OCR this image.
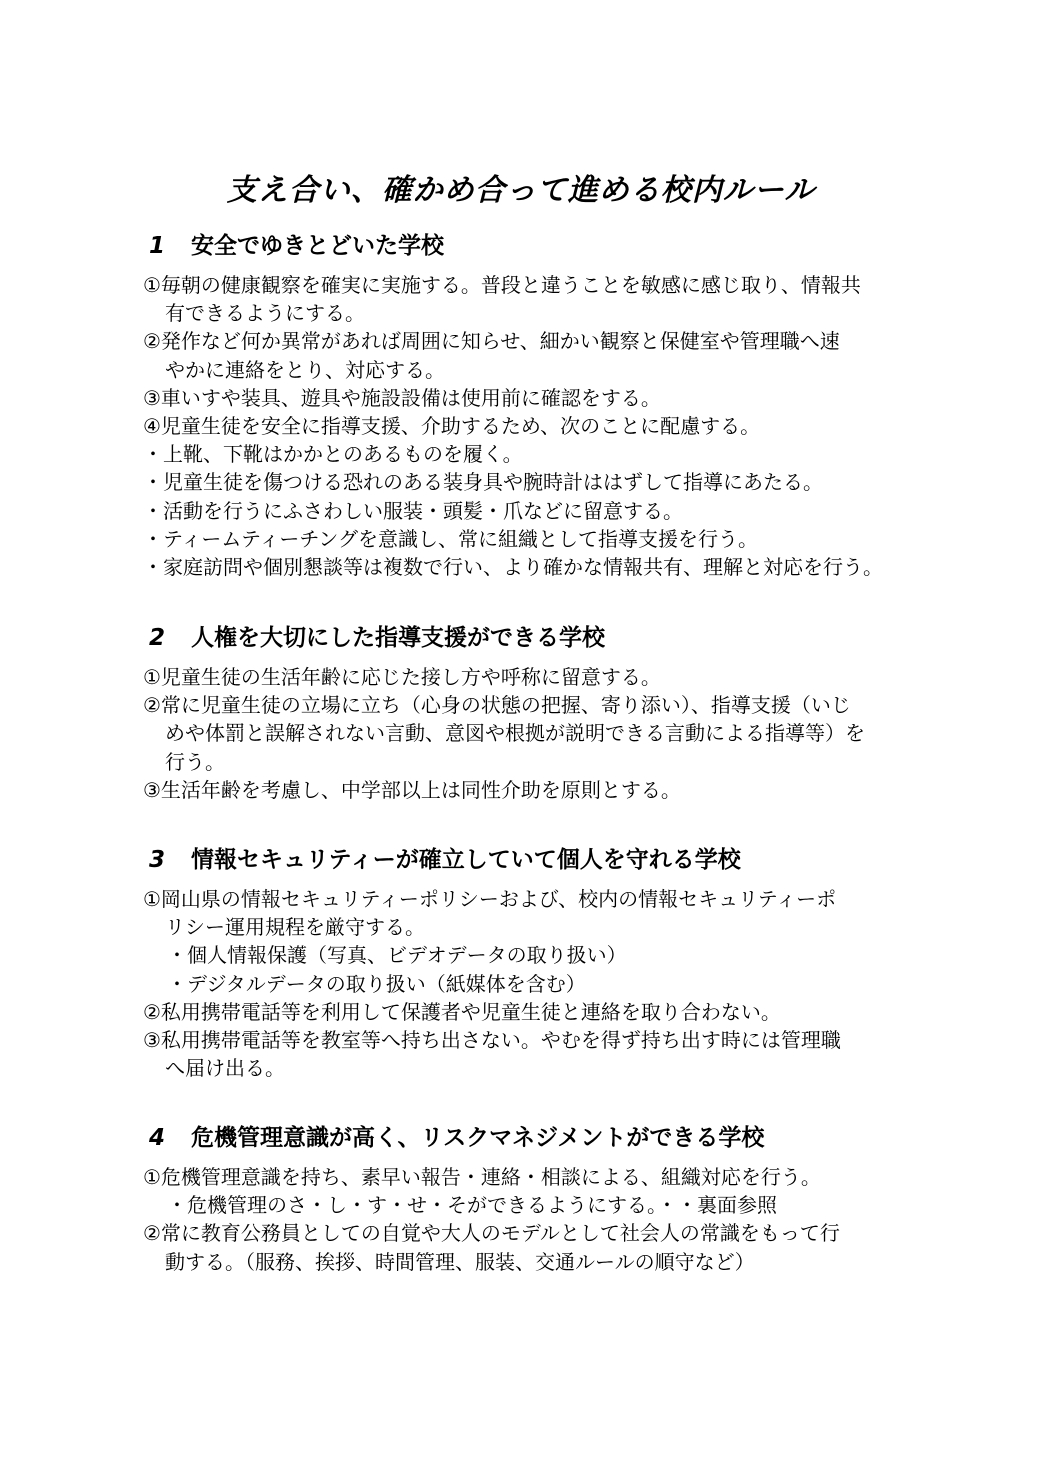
支え合い、確かめ合って進める校内ルール
1 安全でゆきとどいた学校

①毎朝の健康観察を確実に実施する。普段と違うことを敏感に感じ取り、情報共

有できるようにする。

②発作など何か異常があれば周囲に知らせ、細かい観察と保健室や管理職へ速

やかに連絡をとり、対応する。

③車いすや装具、遊具や施設設備は使用前に確認をする。

④児童生徒を安全に指導支援、介助するため、次のことに配慮する。

・上靴、下靴はかかとのあるものを履く。

・児童生徒を傷つける恐れのある装身具や腕時計ははずして指導にあたる。

・活動を行うにふさわしい服装・頭髪・爪などに留意する。

・ティームティーチングを意識し、常に組織として指導支援を行う。

・家庭訪問や個別懇談等は複数で行い、より確かな情報共有、理解と対応を行う。

2 人権を大切にした指導支援ができる学校

①児童生徒の生活年齢に応じた接し方や呼称に留意する。

②常に児童生徒の立場に立ち（心身の状態の把握、寄り添い）、指導支援（いじ

めや体罰と誤解されない言動、意図や根拠が説明できる言動による指導等）を

行う。

③生活年齢を考慮し、中学部以上は同性介助を原則とする。

3 情報セキュリティーが確立していて個人を守れる学校

①岡山県の情報セキュリティーポリシーおよび、校内の情報セキュリティーポ

リシー運用規程を厳守する。

・個人情報保護（写真、ビデオデータの取り扱い）

・デジタルデータの取り扱い（紙媒体を含む）

②私用携帯電話等を利用して保護者や児童生徒と連絡を取り合わない。

③私用携帯電話等を教室等へ持ち出さない。やむを得ず持ち出す時には管理職

へ届け出る。

4 危機管理意識が高く、リスクマネジメントができる学校

①危機管理意識を持ち、素早い報告・連絡・相談による、組織対応を行う。

・危機管理のさ・し・す・せ・そができるようにする。・・裏面参照

②常に教育公務員としての自覚や大人のモデルとして社会人の常識をもって行

動する。（服務、挨拶、時間管理、服装、交通ルールの順守など）
